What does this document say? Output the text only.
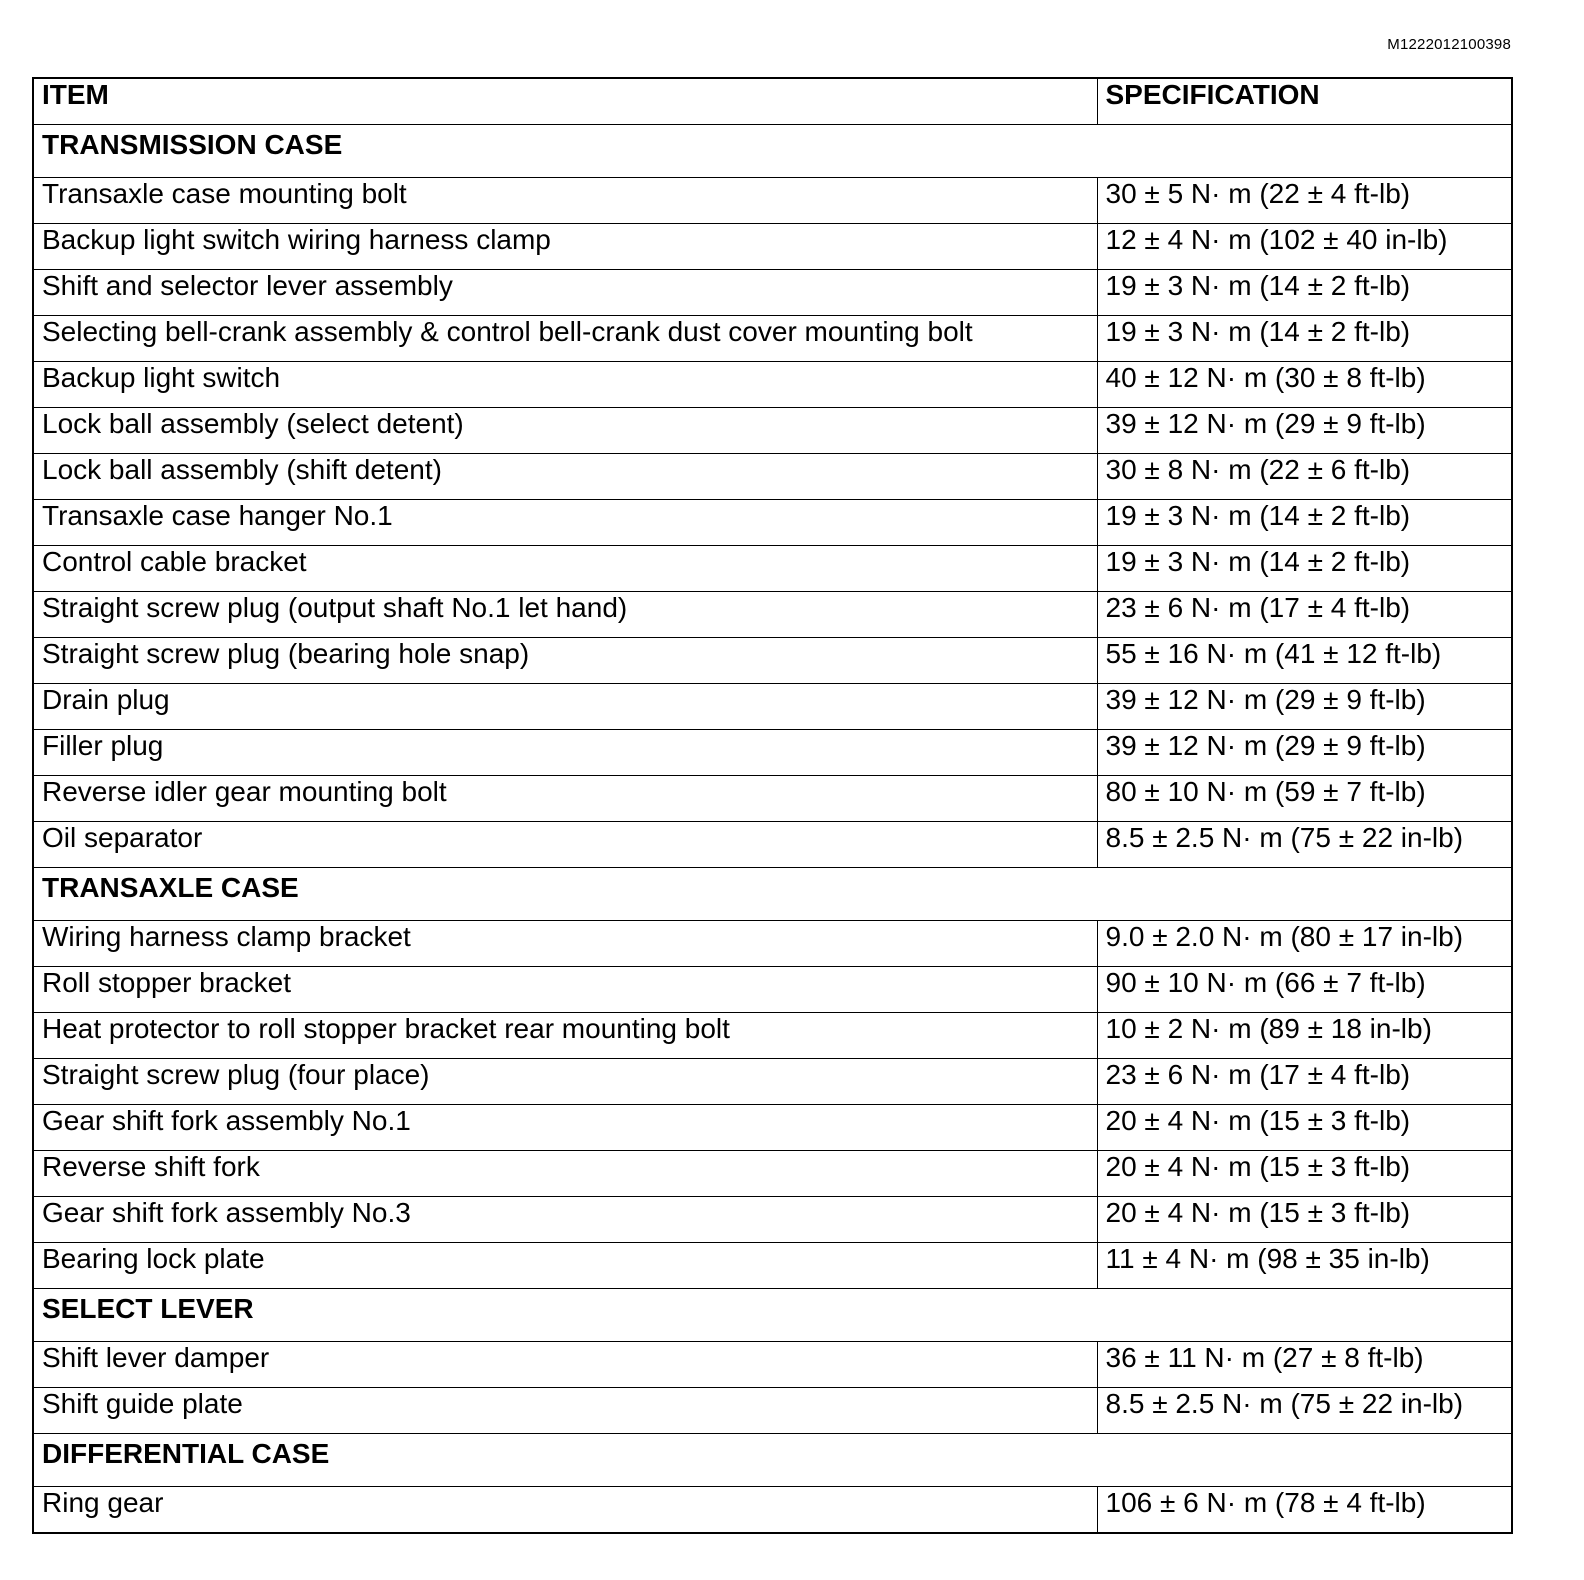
M1222012100398
ITEM	SPECIFICATION
TRANSMISSION CASE	
Transaxle case mounting bolt	30 ± 5 N· m (22 ± 4 ft-lb)
Backup light switch wiring harness clamp	12 ± 4 N· m (102 ± 40 in-lb)
Shift and selector lever assembly	19 ± 3 N· m (14 ± 2 ft-lb)
Selecting bell-crank assembly & control bell-crank dust cover mounting bolt	19 ± 3 N· m (14 ± 2 ft-lb)
Backup light switch	40 ± 12 N· m (30 ± 8 ft-lb)
Lock ball assembly (select detent)	39 ± 12 N· m (29 ± 9 ft-lb)
Lock ball assembly (shift detent)	30 ± 8 N· m (22 ± 6 ft-lb)
Transaxle case hanger No.1	19 ± 3 N· m (14 ± 2 ft-lb)
Control cable bracket	19 ± 3 N· m (14 ± 2 ft-lb)
Straight screw plug (output shaft No.1 let hand)	23 ± 6 N· m (17 ± 4 ft-lb)
Straight screw plug (bearing hole snap)	55 ± 16 N· m (41 ± 12 ft-lb)
Drain plug	39 ± 12 N· m (29 ± 9 ft-lb)
Filler plug	39 ± 12 N· m (29 ± 9 ft-lb)
Reverse idler gear mounting bolt	80 ± 10 N· m (59 ± 7 ft-lb)
Oil separator	8.5 ± 2.5 N· m (75 ± 22 in-lb)
TRANSAXLE CASE	
Wiring harness clamp bracket	9.0 ± 2.0 N· m (80 ± 17 in-lb)
Roll stopper bracket	90 ± 10 N· m (66 ± 7 ft-lb)
Heat protector to roll stopper bracket rear mounting bolt	10 ± 2 N· m (89 ± 18 in-lb)
Straight screw plug (four place)	23 ± 6 N· m (17 ± 4 ft-lb)
Gear shift fork assembly No.1	20 ± 4 N· m (15 ± 3 ft-lb)
Reverse shift fork	20 ± 4 N· m (15 ± 3 ft-lb)
Gear shift fork assembly No.3	20 ± 4 N· m (15 ± 3 ft-lb)
Bearing lock plate	11 ± 4 N· m (98 ± 35 in-lb)
SELECT LEVER	
Shift lever damper	36 ± 11 N· m (27 ± 8 ft-lb)
Shift guide plate	8.5 ± 2.5 N· m (75 ± 22 in-lb)
DIFFERENTIAL CASE	
Ring gear	106 ± 6 N· m (78 ± 4 ft-lb)
